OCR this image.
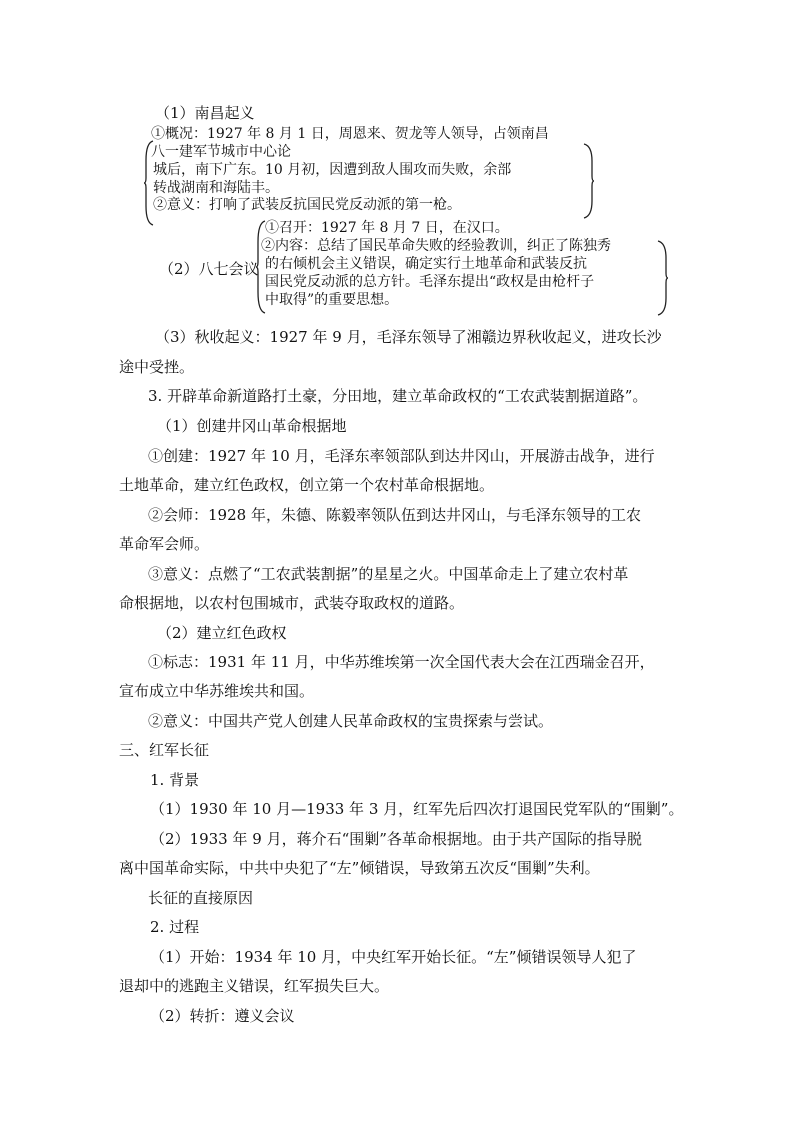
（1）南昌起义
①概况：1927 年 8 月 1 日，周恩来、贺龙等人领导，占领南昌
八一建军节城市中心论
城后，南下广东。10 月初，因遭到敌人围攻而失败，余部
转战湖南和海陆丰。
②意义：打响了武装反抗国民党反动派的第一枪。
（2）八七会议
①召开：1927 年 8 月 7 日，在汉口。
②内容：总结了国民革命失败的经验教训，纠正了陈独秀
的右倾机会主义错误，确定实行土地革命和武装反抗
国民党反动派的总方针。毛泽东提出“政权是由枪杆子
中取得”的重要思想。
（3）秋收起义：1927 年 9 月，毛泽东领导了湘赣边界秋收起义，进攻长沙
途中受挫。
3. 开辟革命新道路打土豪，分田地，建立革命政权的“工农武装割据道路”。
（1）创建井冈山革命根据地
①创建：1927 年 10 月，毛泽东率领部队到达井冈山，开展游击战争，进行
土地革命，建立红色政权，创立第一个农村革命根据地。
②会师：1928 年，朱德、陈毅率领队伍到达井冈山，与毛泽东领导的工农
革命军会师。
③意义：点燃了“工农武装割据”的星星之火。中国革命走上了建立农村革
命根据地，以农村包围城市，武装夺取政权的道路。
（2）建立红色政权
①标志：1931 年 11 月，中华苏维埃第一次全国代表大会在江西瑞金召开，
宣布成立中华苏维埃共和国。
②意义：中国共产党人创建人民革命政权的宝贵探索与尝试。
三、红军长征
1. 背景
（1）1930 年 10 月—1933 年 3 月，红军先后四次打退国民党军队的“围剿”。
（2）1933 年 9 月，蒋介石“围剿”各革命根据地。由于共产国际的指导脱
离中国革命实际，中共中央犯了“左”倾错误，导致第五次反“围剿”失利。
长征的直接原因
2. 过程
（1）开始：1934 年 10 月，中央红军开始长征。“左”倾错误领导人犯了
退却中的逃跑主义错误，红军损失巨大。
（2）转折：遵义会议
